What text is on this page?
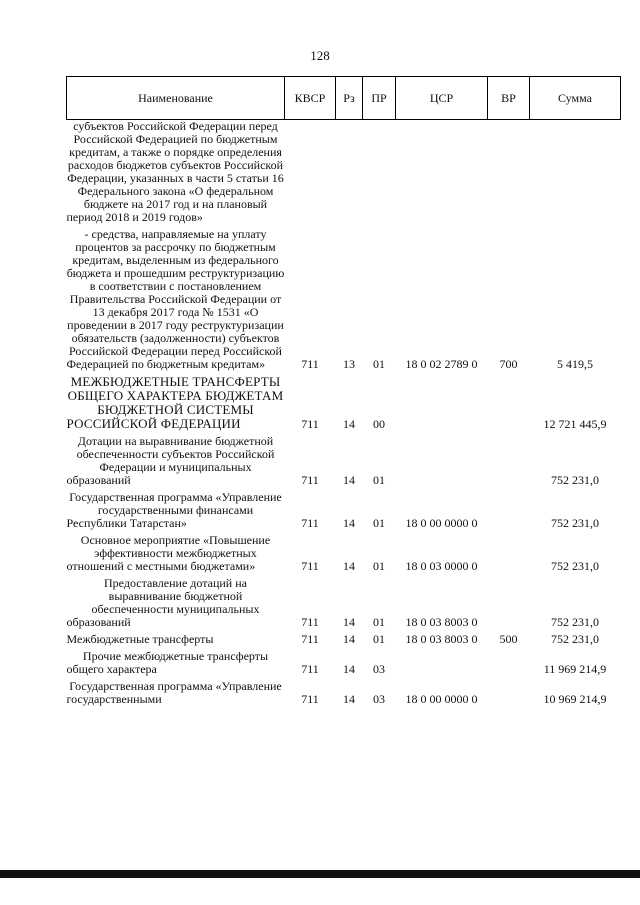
128
Наименование	КВСР	Рз	ПР	ЦСР	ВР	Сумма
субъектов Российской Федерации перед Российской Федерацией по бюджетным кредитам, а также о порядке определения расходов бюджетов субъектов Российской Федерации, указанных в части 5 статьи 16 Федерального закона «О федеральном бюджете на 2017 год и на плановый период 2018 и 2019 годов»						

- средства, направляемые на уплату процентов за рассрочку по бюджетным кредитам, выделенным из федерального бюджета и прошедшим реструктуризацию в соответствии с постановлением Правительства Российской Федерации от 13 декабря 2017 года № 1531 «О проведении в 2017 году реструктуризации обязательств (задолженности) субъектов Российской Федерации перед Российской Федерацией по бюджетным кредитам»	711	13	01	18 0 02 2789 0	700	5 419,5

МЕЖБЮДЖЕТНЫЕ ТРАНСФЕРТЫ ОБЩЕГО ХАРАКТЕРА БЮДЖЕТАМ БЮДЖЕТНОЙ СИСТЕМЫ РОССИЙСКОЙ ФЕДЕРАЦИИ	711	14	00			12 721 445,9

Дотации на выравнивание бюджетной обеспеченности субъектов Российской Федерации и муниципальных образований	711	14	01			752 231,0

Государственная программа «Управление государственными финансами Республики Татарстан»	711	14	01	18 0 00 0000 0		752 231,0

Основное мероприятие «Повышение эффективности межбюджетных отношений с местными бюджетами»	711	14	01	18 0 03 0000 0		752 231,0

Предоставление дотаций на выравнивание бюджетной обеспеченности муниципальных образований	711	14	01	18 0 03 8003 0		752 231,0

Межбюджетные трансферты	711	14	01	18 0 03 8003 0	500	752 231,0

Прочие межбюджетные трансферты общего характера	711	14	03			11 969 214,9

Государственная программа «Управление государственными	711	14	03	18 0 00 0000 0		10 969 214,9
